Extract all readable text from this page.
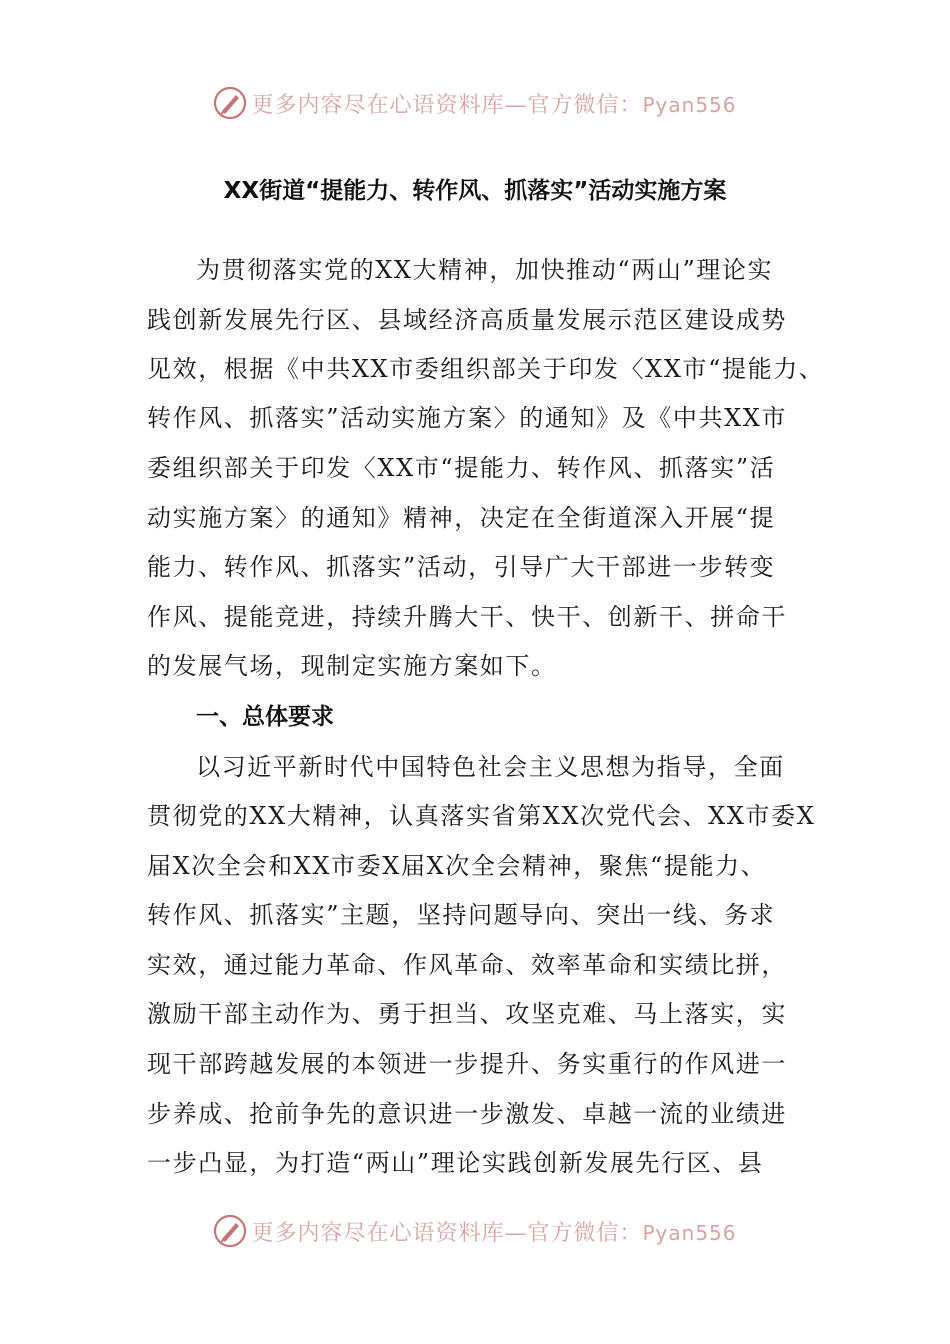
更多内容尽在心语资料库—官方微信：Pyan556
XX街道“提能力、转作风、抓落实”活动实施方案
为贯彻落实党的XX大精神，加快推动“两山”理论实
践创新发展先行区、县域经济高质量发展示范区建设成势
见效，根据《中共XX市委组织部关于印发〈XX市“提能力、
转作风、抓落实”活动实施方案〉的通知》及《中共XX市
委组织部关于印发〈XX市“提能力、转作风、抓落实”活
动实施方案〉的通知》精神，决定在全街道深入开展“提
能力、转作风、抓落实”活动，引导广大干部进一步转变
作风、提能竞进，持续升腾大干、快干、创新干、拼命干
的发展气场，现制定实施方案如下。
一、总体要求
以习近平新时代中国特色社会主义思想为指导，全面
贯彻党的XX大精神，认真落实省第XX次党代会、XX市委X
届X次全会和XX市委X届X次全会精神，聚焦“提能力、
转作风、抓落实”主题，坚持问题导向、突出一线、务求
实效，通过能力革命、作风革命、效率革命和实绩比拼，
激励干部主动作为、勇于担当、攻坚克难、马上落实，实
现干部跨越发展的本领进一步提升、务实重行的作风进一
步养成、抢前争先的意识进一步激发、卓越一流的业绩进
一步凸显，为打造“两山”理论实践创新发展先行区、县
更多内容尽在心语资料库—官方微信：Pyan556
